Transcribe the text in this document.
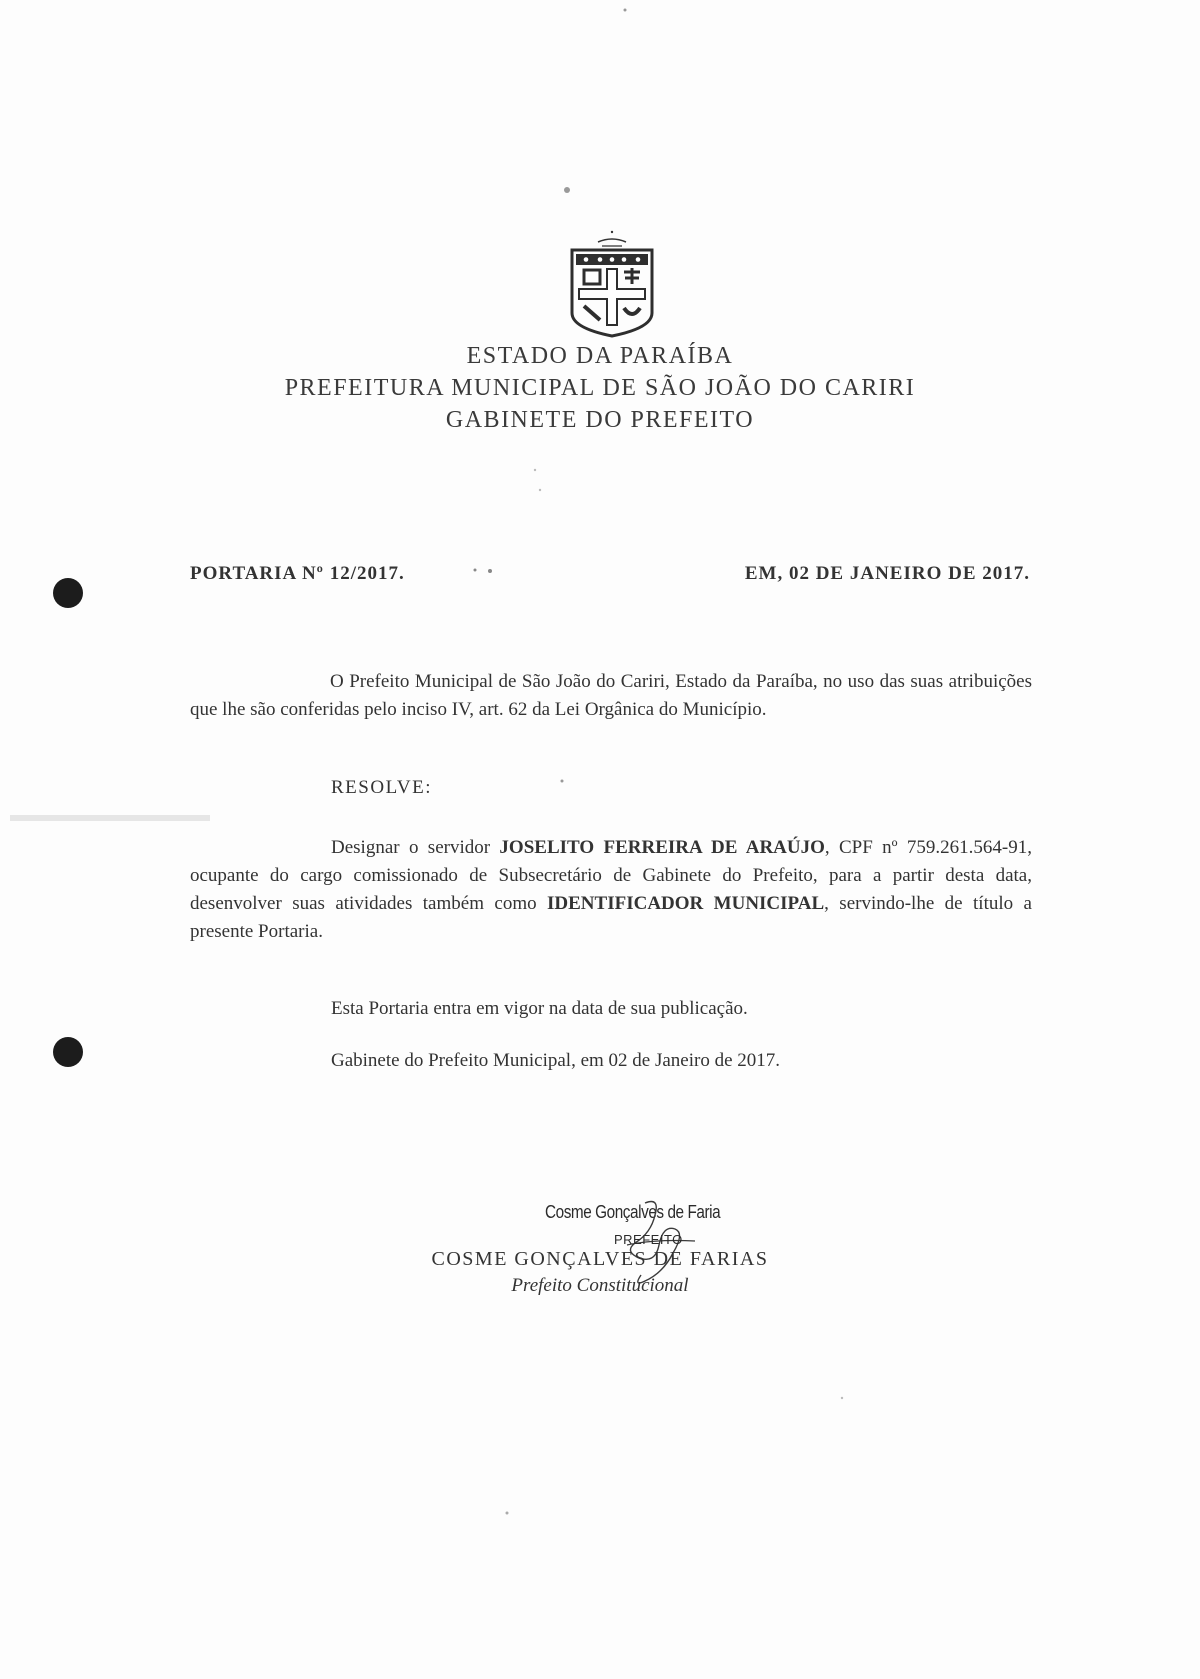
ESTADO DA PARAÍBA
PREFEITURA MUNICIPAL DE SÃO JOÃO DO CARIRI
GABINETE DO PREFEITO
PORTARIA Nº 12/2017.	EM, 02 DE JANEIRO DE 2017.
O Prefeito Municipal de São João do Cariri, Estado da Paraíba, no uso das suas atribuições que lhe são conferidas pelo inciso IV, art. 62 da Lei Orgânica do Município.
RESOLVE:
Designar o servidor JOSELITO FERREIRA DE ARAÚJO, CPF nº 759.261.564-91, ocupante do cargo comissionado de Subsecretário de Gabinete do Prefeito, para a partir desta data, desenvolver suas atividades também como IDENTIFICADOR MUNICIPAL, servindo-lhe de título a presente Portaria.
Esta Portaria entra em vigor na data de sua publicação.
Gabinete do Prefeito Municipal, em 02 de Janeiro de 2017.
Cosme Gonçalves de Faria
PREFEITO
COSME GONÇALVES DE FARIAS
Prefeito Constitucional
